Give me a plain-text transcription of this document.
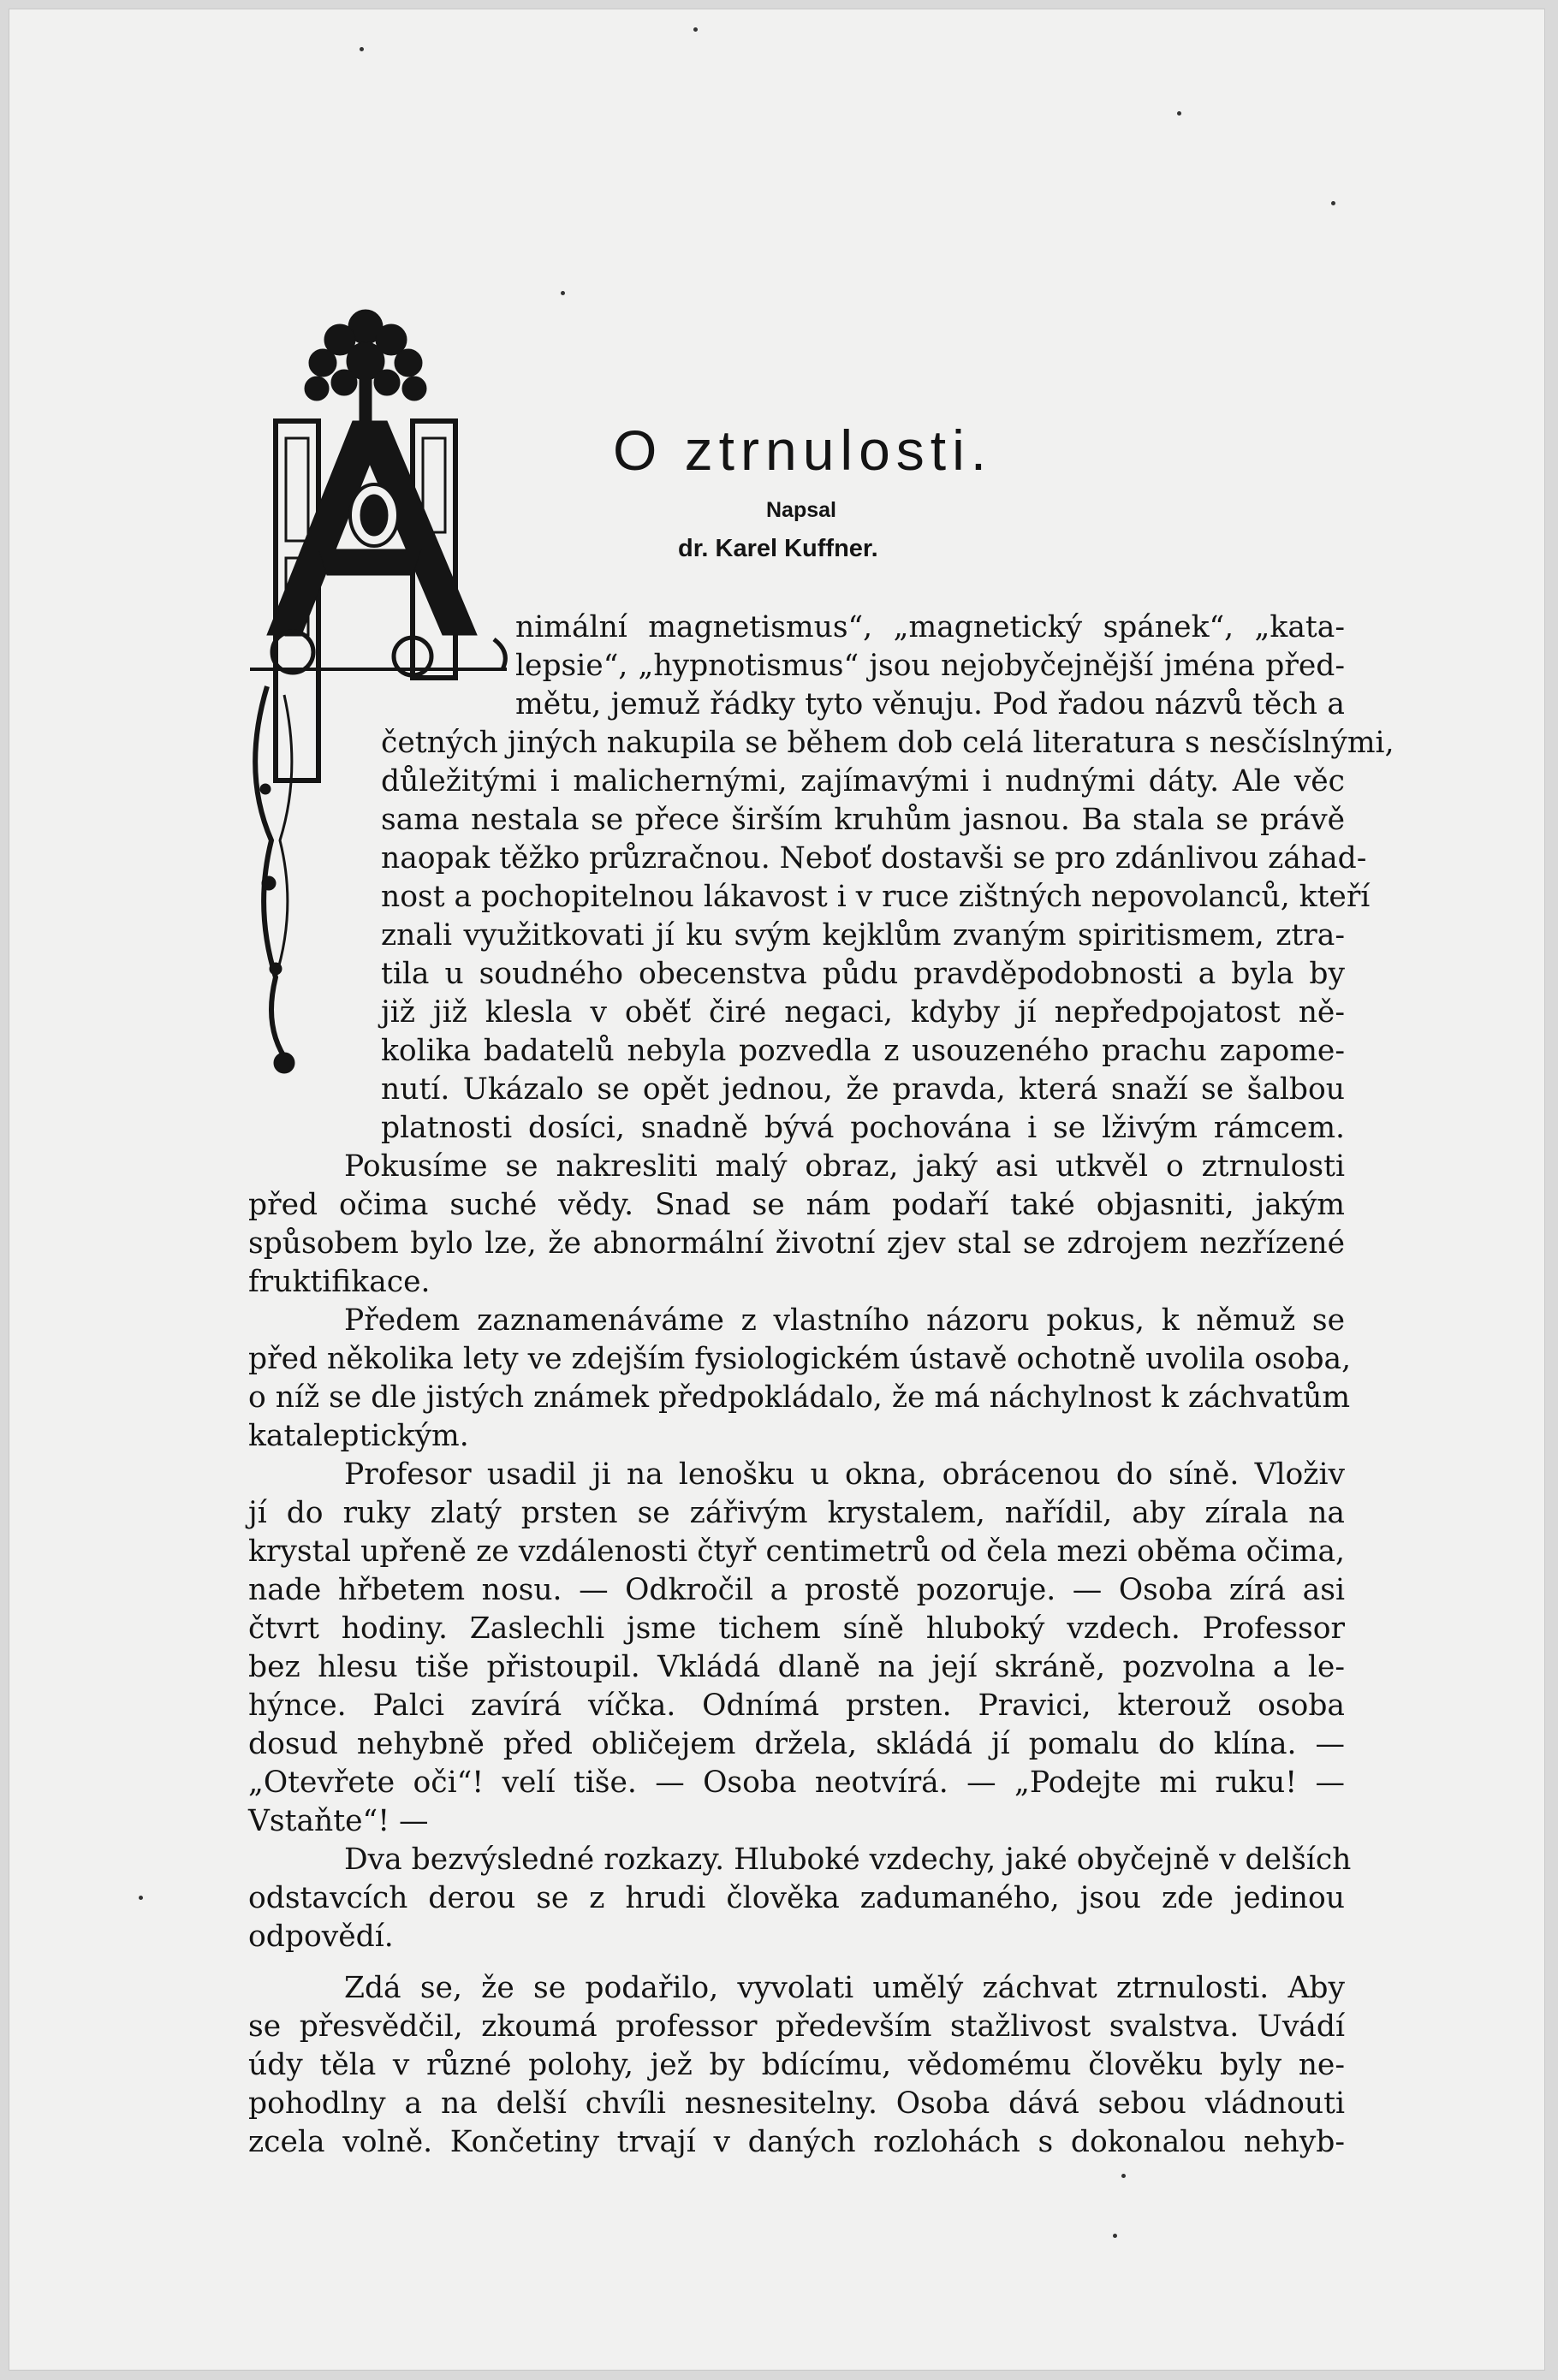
O ztrnulosti.
Napsal
dr. Karel Kuffner.
nimální magnetismus“, „magnetický spánek“, „kata-
lepsie“, „hypnotismus“ jsou nejobyčejnější jména před-
mětu, jemuž řádky tyto věnuju. Pod řadou názvů těch a
četných jiných nakupila se během dob celá literatura s nesčíslnými,
důležitými i malichernými, zajímavými i nudnými dáty. Ale věc
sama nestala se přece širším kruhům jasnou. Ba stala se právě
naopak těžko průzračnou. Neboť dostavši se pro zdánlivou záhad-
nost a pochopitelnou lákavost i v ruce zištných nepovolanců, kteří
znali využitkovati jí ku svým kejklům zvaným spiritismem, ztra-
tila u soudného obecenstva půdu pravděpodobnosti a byla by
již již klesla v oběť čiré negaci, kdyby jí nepředpojatost ně-
kolika badatelů nebyla pozvedla z usouzeného prachu zapome-
nutí. Ukázalo se opět jednou, že pravda, která snaží se šalbou
platnosti dosíci, snadně bývá pochována i se lživým rámcem.
Pokusíme se nakresliti malý obraz, jaký asi utkvěl o ztrnulosti
před očima suché vědy. Snad se nám podaří také objasniti, jakým
spůsobem bylo lze, že abnormální životní zjev stal se zdrojem nezřízené
fruktifikace.
Předem zaznamenáváme z vlastního názoru pokus, k němuž se
před několika lety ve zdejším fysiologickém ústavě ochotně uvolila osoba,
o níž se dle jistých známek předpokládalo, že má náchylnost k záchvatům
kataleptickým.
Profesor usadil ji na lenošku u okna, obrácenou do síně. Vloživ
jí do ruky zlatý prsten se zářivým krystalem, nařídil, aby zírala na
krystal upřeně ze vzdálenosti čtyř centimetrů od čela mezi oběma očima,
nade hřbetem nosu. — Odkročil a prostě pozoruje. — Osoba zírá asi
čtvrt hodiny. Zaslechli jsme tichem síně hluboký vzdech. Professor
bez hlesu tiše přistoupil. Vkládá dlaně na její skráně, pozvolna a le-
hýnce. Palci zavírá víčka. Odnímá prsten. Pravici, kterouž osoba
dosud nehybně před obličejem držela, skládá jí pomalu do klína. —
„Otevřete oči“! velí tiše. — Osoba neotvírá. — „Podejte mi ruku! —
Vstaňte“! —
Dva bezvýsledné rozkazy. Hluboké vzdechy, jaké obyčejně v delších
odstavcích derou se z hrudi člověka zadumaného, jsou zde jedinou
odpovědí.
Zdá se, že se podařilo, vyvolati umělý záchvat ztrnulosti. Aby
se přesvědčil, zkoumá professor především stažlivost svalstva. Uvádí
údy těla v různé polohy, jež by bdícímu, vědomému člověku byly ne-
pohodlny a na delší chvíli nesnesitelny. Osoba dává sebou vládnouti
zcela volně. Končetiny trvají v daných rozlohách s dokonalou nehyb-
